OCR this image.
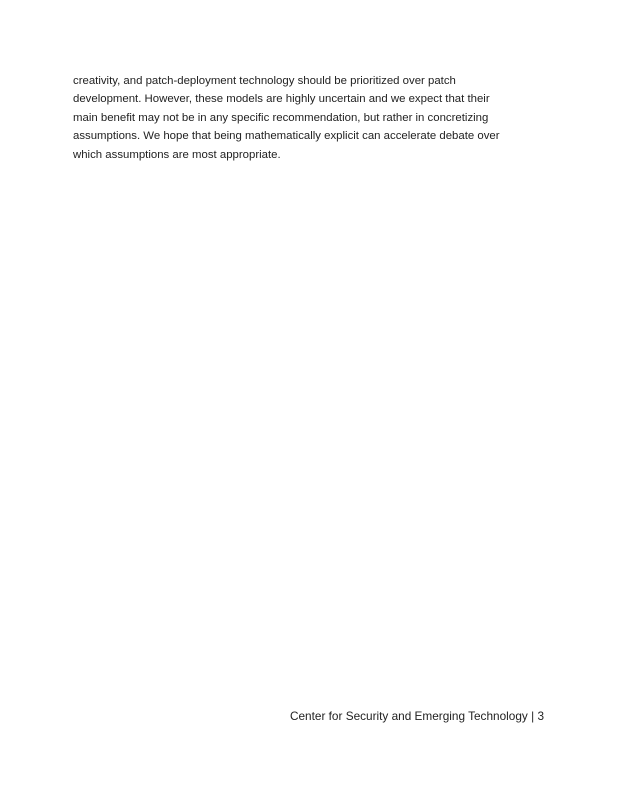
creativity, and patch-deployment technology should be prioritized over patch
development. However, these models are highly uncertain and we expect that their
main benefit may not be in any specific recommendation, but rather in concretizing
assumptions. We hope that being mathematically explicit can accelerate debate over
which assumptions are most appropriate.

Center for Security and Emerging Technology | 3
